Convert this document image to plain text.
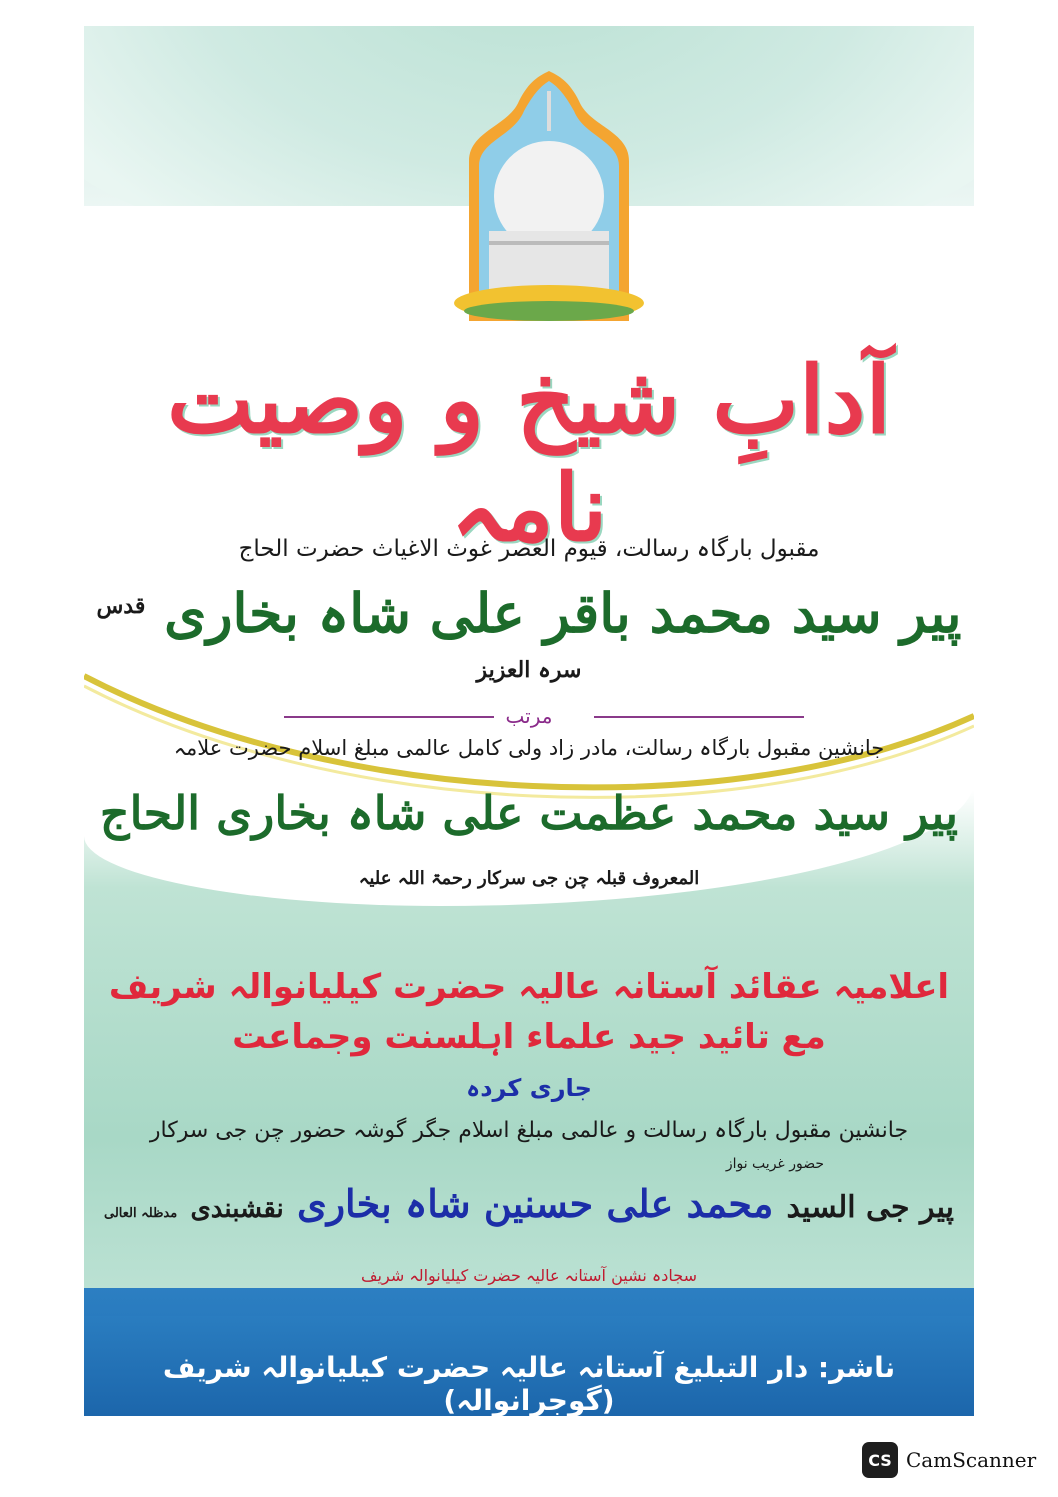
آدابِ شیخ و وصیت نامہ
مقبول بارگاہ رسالت، قیوم العصر غوث الاغیاث حضرت الحاج
پیر سید محمد باقر علی شاہ بخاری $^{قدس سرہ العزیز}$
مرتب
جانشین مقبول بارگاہ رسالت، مادر زاد ولی کامل عالمی مبلغ اسلام حضرت علامہ
پیر سید محمد عظمت علی شاہ بخاری الحاج
المعروف قبلہ چن جی سرکار رحمۃ اللہ علیہ
اعلامیہ عقائد آستانہ عالیہ حضرت کیلیانوالہ شریف
مع تائید جید علماء اہلسنت وجماعت
جاری کردہ
جانشین مقبول بارگاہ رسالت و عالمی مبلغ اسلام جگر گوشہ حضور چن جی سرکار
حضور غریب نواز
پیر جی السید محمد علی حسنین شاہ بخاری نقشبندی مدظلہ العالی
سجادہ نشین آستانہ عالیہ حضرت کیلیانوالہ شریف
ناشر: دار التبلیغ آستانہ عالیہ حضرت کیلیانوالہ شریف (گوجرانوالہ)
CS CamScanner
